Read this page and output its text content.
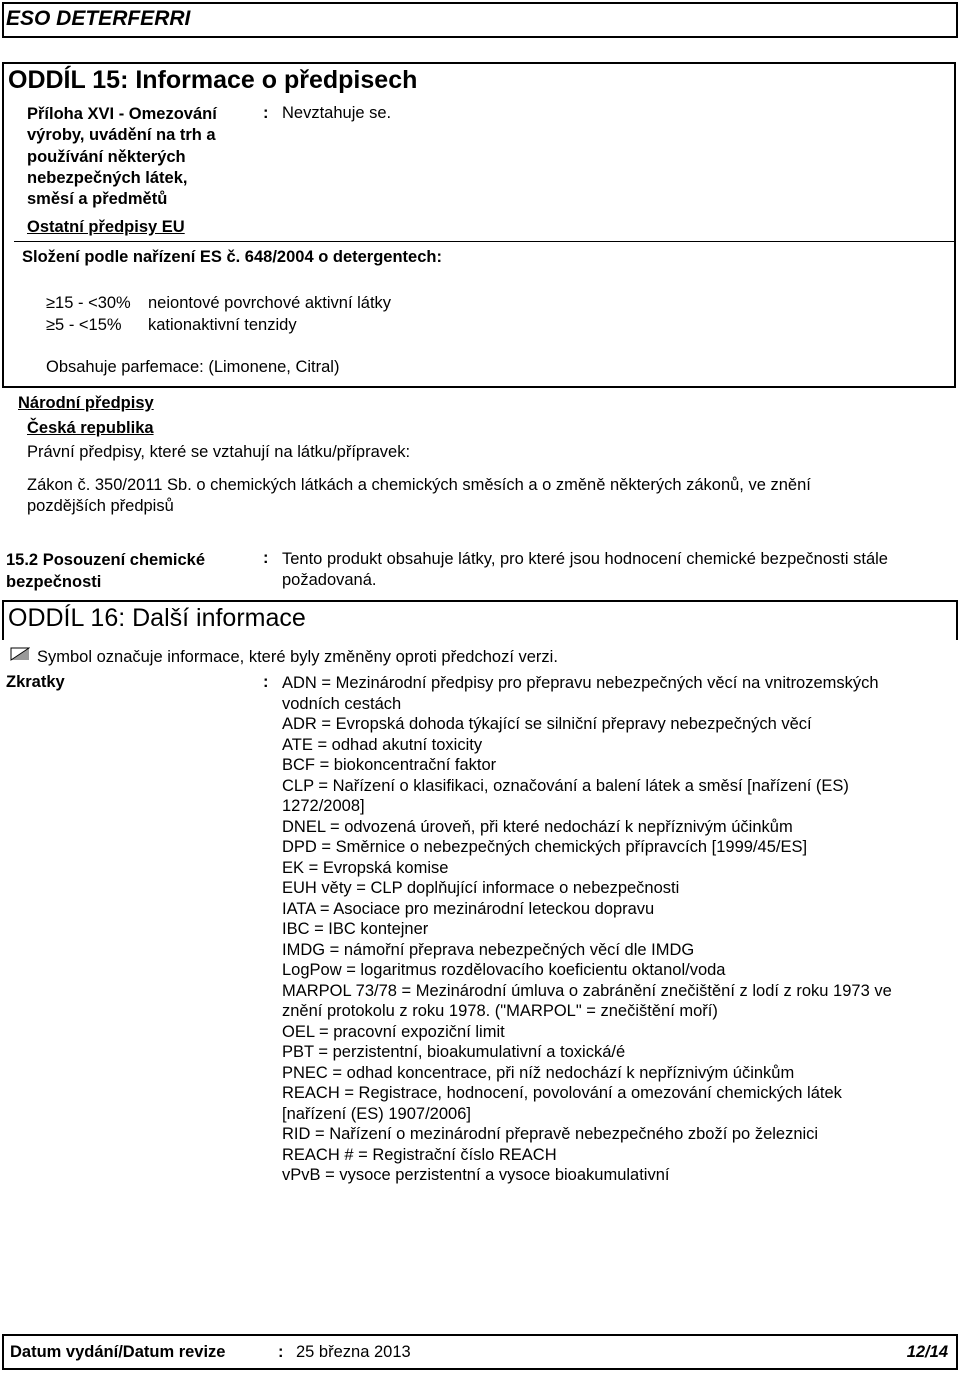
ESO DETERFERRI
ODDÍL 15: Informace o předpisech
Příloha XVI - Omezování
výroby, uvádění na trh a
používání některých
nebezpečných látek,
směsí a předmětů
: Nevztahuje se.
Ostatní předpisy EU
Složení podle nařízení ES č. 648/2004 o detergentech:
≥15 - <30% neiontové povrchové aktivní látky
≥5 - <15% kationaktivní tenzidy
Obsahuje parfemace: (Limonene, Citral)
Národní předpisy
Česká republika
Právní předpisy, které se vztahují na látku/přípravek:
Zákon č. 350/2011 Sb. o chemických látkách a chemických směsích a o změně některých zákonů, ve znění
pozdějších předpisů
15.2 Posouzení chemické
bezpečnosti
: Tento produkt obsahuje látky, pro které jsou hodnocení chemické bezpečnosti stále
požadovaná.
ODDÍL 16: Další informace
Symbol označuje informace, které byly změněny oproti předchozí verzi.
Zkratky	: ADN = Mezinárodní předpisy pro přepravu nebezpečných věcí na vnitrozemských
vodních cestách
ADR = Evropská dohoda týkající se silniční přepravy nebezpečných věcí
ATE = odhad akutní toxicity
BCF = biokoncentrační faktor
CLP = Nařízení o klasifikaci, označování a balení látek a směsí [nařízení (ES)
1272/2008]
DNEL = odvozená úroveň, při které nedochází k nepříznivým účinkům
DPD = Směrnice o nebezpečných chemických přípravcích [1999/45/ES]
EK = Evropská komise
EUH věty = CLP doplňující informace o nebezpečnosti
IATA = Asociace pro mezinárodní leteckou dopravu
IBC = IBC kontejner
IMDG = námořní přeprava nebezpečných věcí dle IMDG
LogPow = logaritmus rozdělovacího koeficientu oktanol/voda
MARPOL 73/78 = Mezinárodní úmluva o zabránění znečištění z lodí z roku 1973 ve
znění protokolu z roku 1978. ("MARPOL" = znečištění moří)
OEL = pracovní expoziční limit
PBT = perzistentní, bioakumulativní a toxická/é
PNEC = odhad koncentrace, při níž nedochází k nepříznivým účinkům
REACH = Registrace, hodnocení, povolování a omezování chemických látek
[nařízení (ES) 1907/2006]
RID = Nařízení o mezinárodní přepravě nebezpečného zboží po železnici
REACH # = Registrační číslo REACH
vPvB = vysoce perzistentní a vysoce bioakumulativní
Datum vydání/Datum revize	: 25 března 2013	12/14
